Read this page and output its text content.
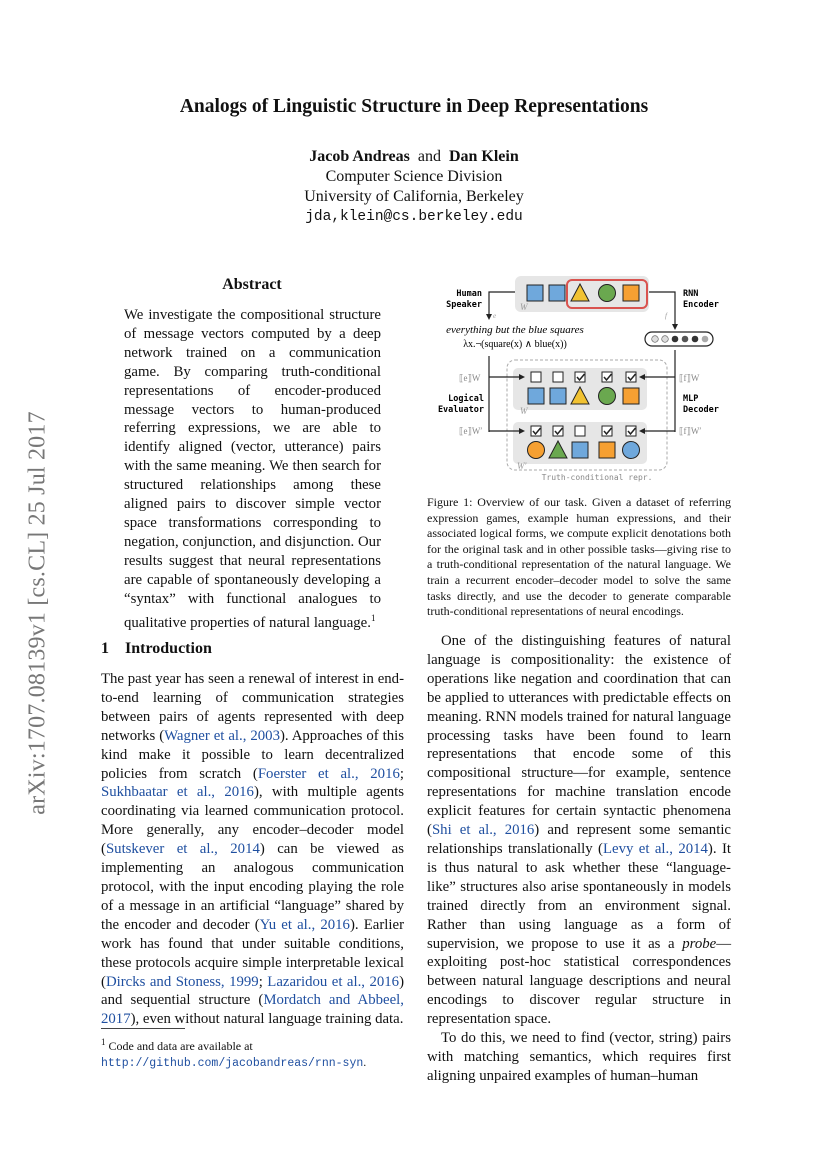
arXiv:1707.08139v1 [cs.CL] 25 Jul 2017
Analogs of Linguistic Structure in Deep Representations
Jacob Andreas and Dan Klein
Computer Science Division
University of California, Berkeley
jda,klein@cs.berkeley.edu
Abstract
We investigate the compositional structure of message vectors computed by a deep network trained on a communication game. By comparing truth-conditional representations of encoder-produced message vectors to human-produced referring expressions, we are able to identify aligned (vector, utterance) pairs with the same meaning. We then search for structured relationships among these aligned pairs to discover simple vector space transformations corresponding to negation, conjunction, and disjunction. Our results suggest that neural representations are capable of spontaneously developing a “syntax” with functional analogues to qualitative properties of natural language.$^1$
1 Introduction

The past year has seen a renewal of interest in end-to-end learning of communication strategies between pairs of agents represented with deep networks (Wagner et al., 2003). Approaches of this kind make it possible to learn decentralized policies from scratch (Foerster et al., 2016; Sukhbaatar et al., 2016), with multiple agents coordinating via learned communication protocol. More generally, any encoder–decoder model (Sutskever et al., 2014) can be viewed as implementing an analogous communication protocol, with the input encoding playing the role of a message in an artificial “language” shared by the encoder and decoder (Yu et al., 2016). Earlier work has found that under suitable conditions, these protocols acquire simple interpretable lexical (Dircks and Stoness, 1999; Lazaridou et al., 2016) and sequential structure (Mordatch and Abbeel, 2017), even without natural language training data.

$^1$ Code and data are available at http://github.com/jacobandreas/rnn-syn.
Human
Speaker
e
W
RNN
Encoder
f
everything but the blue squares
λx.¬(square(x) ∧ blue(x))
W
W′
Truth-conditional repr.
⟦e⟧W
⟦e⟧W′
Logical
Evaluator
⟦f⟧W
⟦f⟧W′
MLP
Decoder
Figure 1: Overview of our task. Given a dataset of referring expression games, example human expressions, and their associated logical forms, we compute explicit denotations both for the original task and in other possible tasks—giving rise to a truth-conditional representation of the natural language. We train a recurrent encoder–decoder model to solve the same tasks directly, and use the decoder to generate comparable truth-conditional representations of neural encodings.

One of the distinguishing features of natural language is compositionality: the existence of operations like negation and coordination that can be applied to utterances with predictable effects on meaning. RNN models trained for natural language processing tasks have been found to learn representations that encode some of this compositional structure—for example, sentence representations for machine translation encode explicit features for certain syntactic phenomena (Shi et al., 2016) and represent some semantic relationships translationally (Levy et al., 2014). It is thus natural to ask whether these “language-like” structures also arise spontaneously in models trained directly from an environment signal. Rather than using language as a form of supervision, we propose to use it as a probe—exploiting post-hoc statistical correspondences between natural language descriptions and neural encodings to discover regular structure in representation space.

To do this, we need to find (vector, string) pairs with matching semantics, which requires first aligning unpaired examples of human–human
